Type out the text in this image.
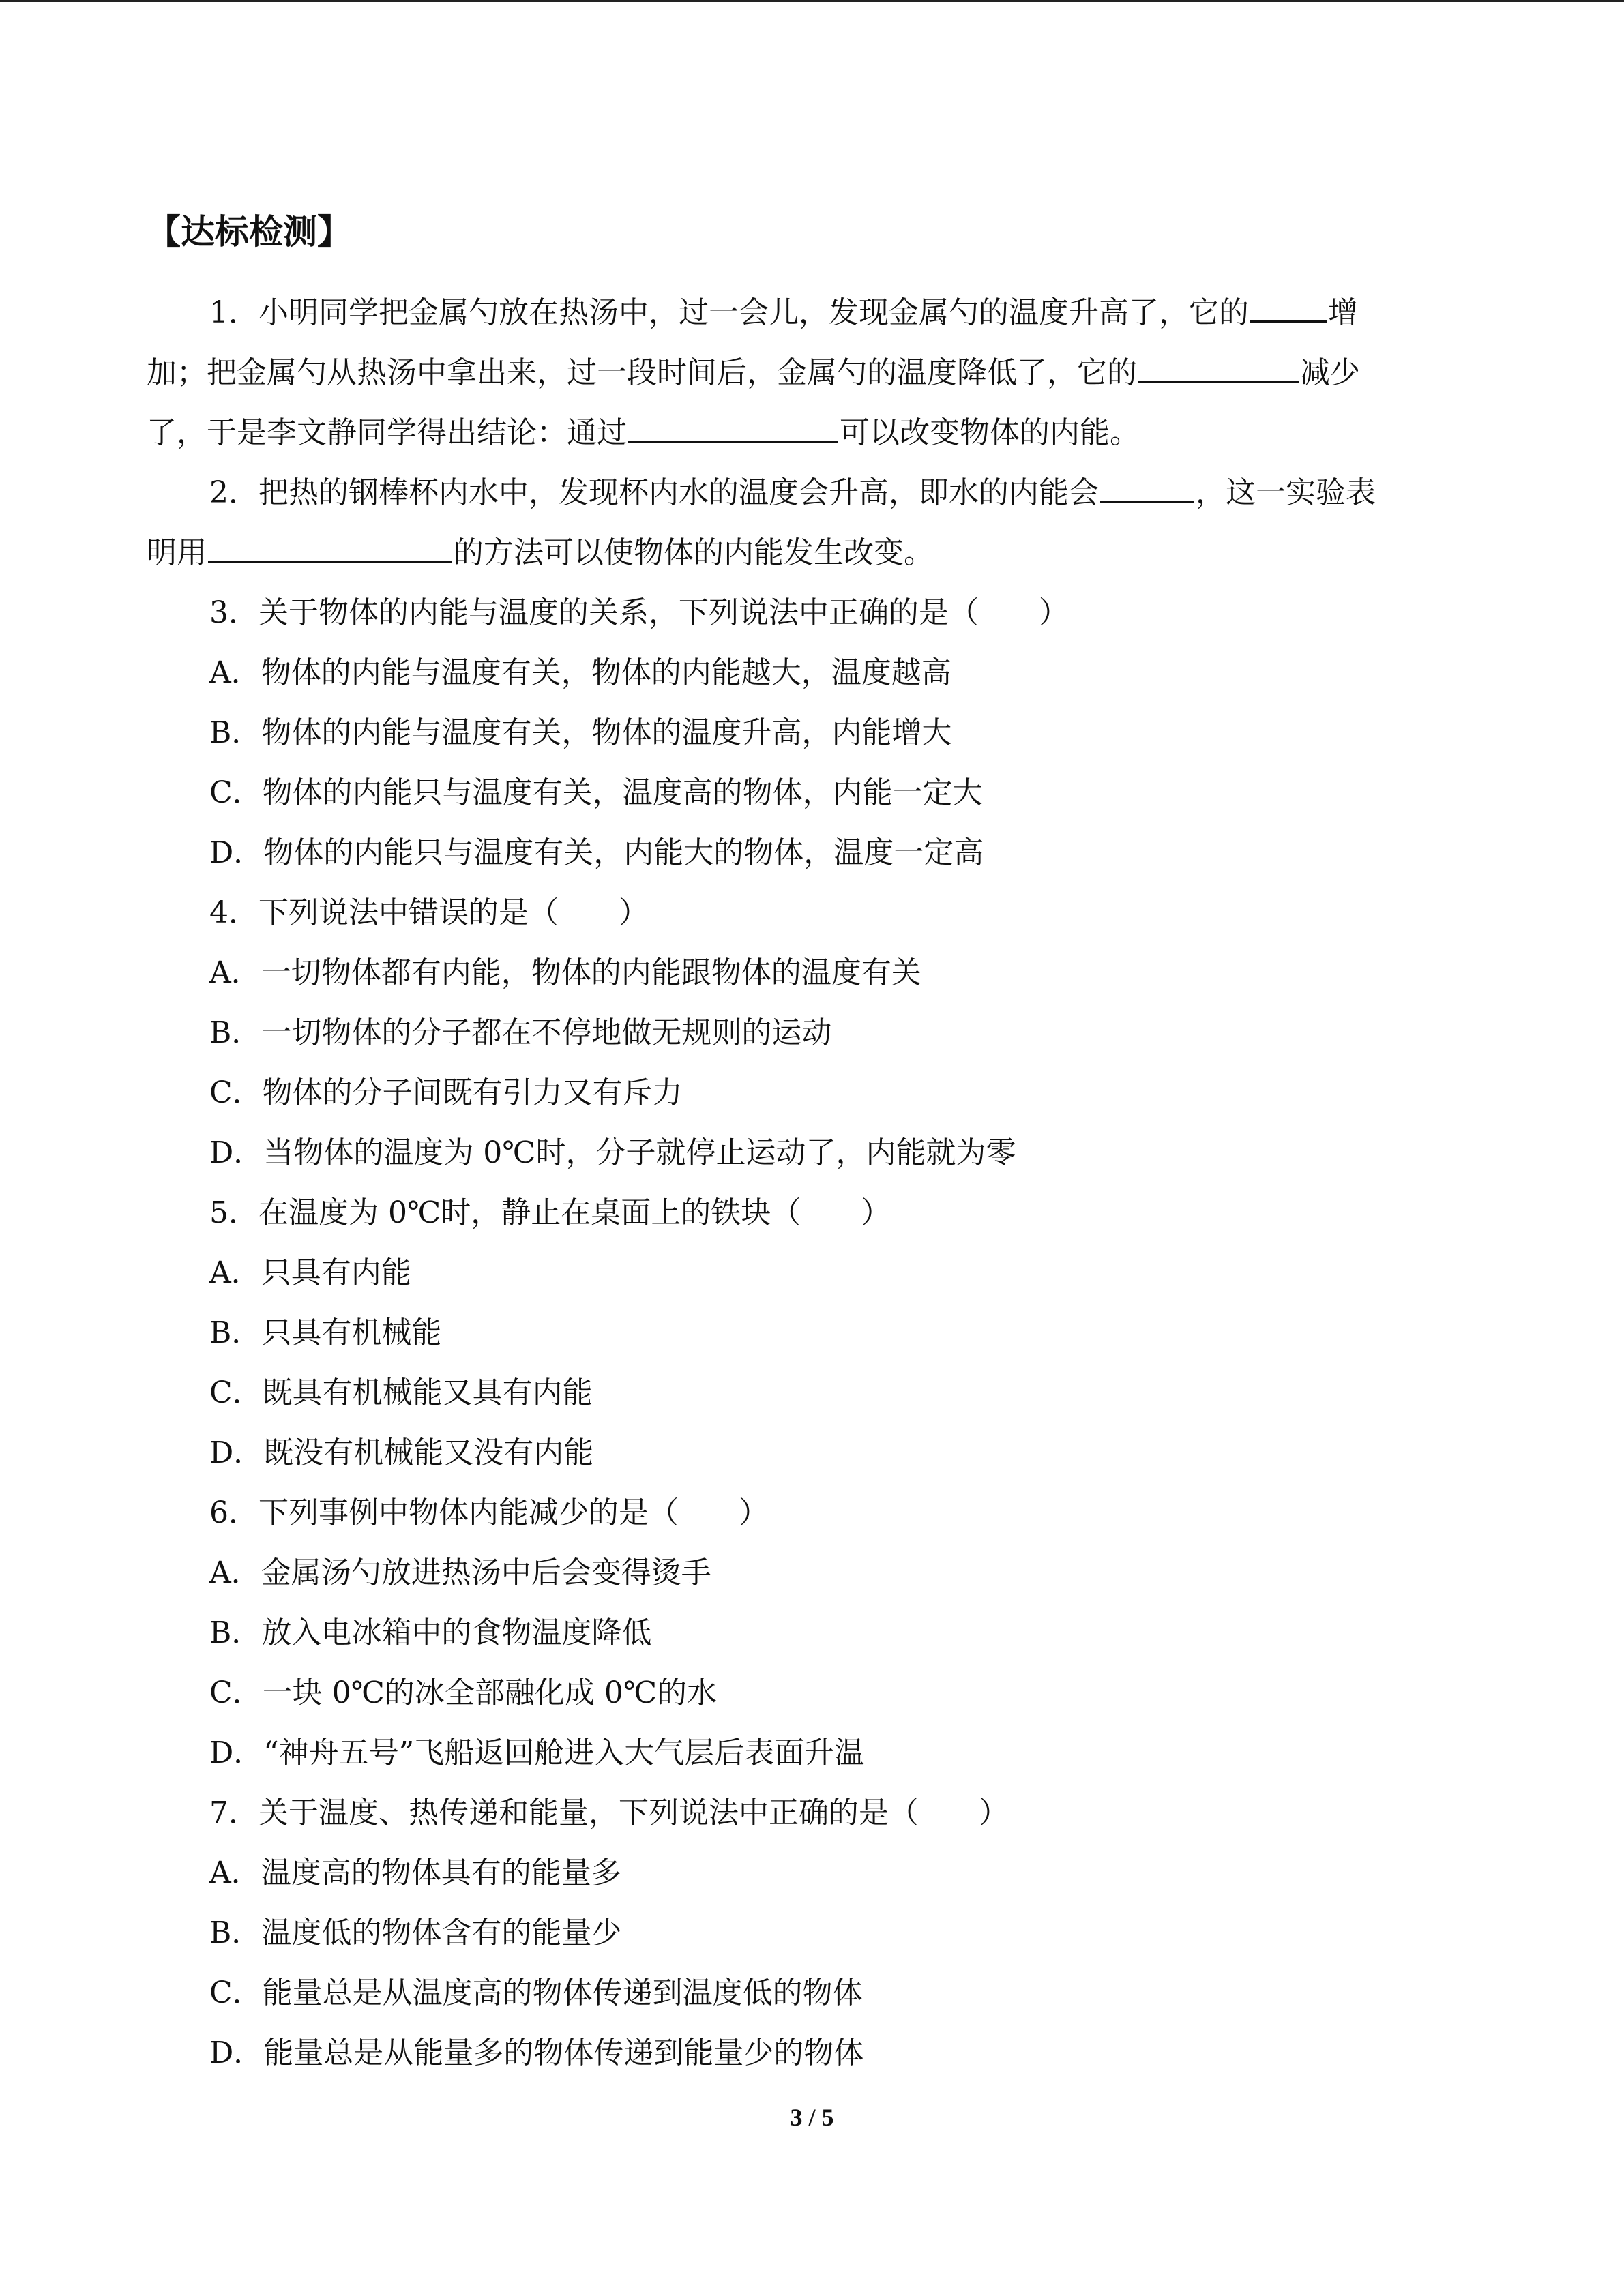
【达标检测】
1．小明同学把金属勺放在热汤中，过一会儿，发现金属勺的温度升高了，它的	增
加；把金属勺从热汤中拿出来，过一段时间后，金属勺的温度降低了，它的	减少
了，于是李文静同学得出结论：通过	可以改变物体的内能。
2．把热的钢棒杯内水中，发现杯内水的温度会升高，即水的内能会	，这一实验表
明用	的方法可以使物体的内能发生改变。
3．关于物体的内能与温度的关系，下列说法中正确的是（　　）
A．物体的内能与温度有关，物体的内能越大，温度越高
B．物体的内能与温度有关，物体的温度升高，内能增大
C．物体的内能只与温度有关，温度高的物体，内能一定大
D．物体的内能只与温度有关，内能大的物体，温度一定高
4．下列说法中错误的是（　　）
A．一切物体都有内能，物体的内能跟物体的温度有关
B．一切物体的分子都在不停地做无规则的运动
C．物体的分子间既有引力又有斥力
D．当物体的温度为 0℃时，分子就停止运动了，内能就为零
5．在温度为 0℃时，静止在桌面上的铁块（　　）
A．只具有内能
B．只具有机械能
C．既具有机械能又具有内能
D．既没有机械能又没有内能
6．下列事例中物体内能减少的是（　　）
A．金属汤勺放进热汤中后会变得烫手
B．放入电冰箱中的食物温度降低
C．一块 0℃的冰全部融化成 0℃的水
D．“神舟五号”飞船返回舱进入大气层后表面升温
7．关于温度、热传递和能量，下列说法中正确的是（　　）
A．温度高的物体具有的能量多
B．温度低的物体含有的能量少
C．能量总是从温度高的物体传递到温度低的物体
D．能量总是从能量多的物体传递到能量少的物体
3 / 5
